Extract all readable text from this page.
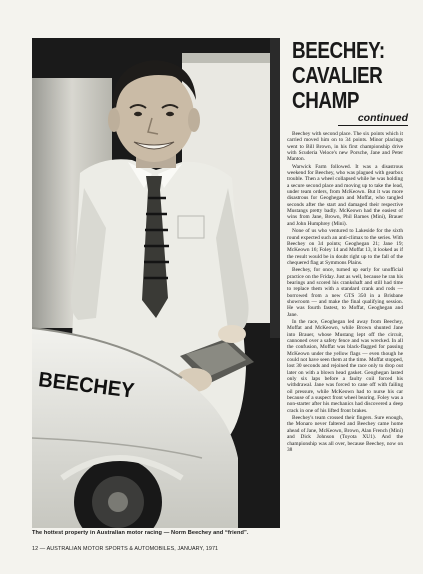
BEECHEY
The hottest property in Australian motor racing — Norm Beechey and “friend”.
BEECHEY:
CAVALIER
CHAMP
continued

Beechey with second place. The six points which it carried moved him on to 34 points. Minor placings went to Bill Brown, in his first championship drive with Scuderia Veloce's new Porsche, Jane and Peter Manton.

Warwick Farm followed. It was a disastrous weekend for Beechey, who was plagued with gearbox trouble. Then a wheel collapsed while he was holding a secure second place and moving up to take the lead, under team orders, from McKeown. But it was more disastrous for Geoghegan and Moffat, who tangled seconds after the start and damaged their respective Mustangs pretty badly. McKeown had the easiest of wins from Jane, Brown, Phil Barnes (Mini), Brauer and John Humphrey (Mini).

None of us who ventured to Lakeside for the sixth round expected such an anti-climax to the series. With Beechey on 34 points; Geoghegan 21; Jane 19; McKeown 16; Foley 14 and Moffat 13, it looked as if the result would be in doubt right up to the fall of the chequered flag at Symmons Plains.

Beechey, for once, turned up early for unofficial practice on the Friday. Just as well, because he ran his bearings and scored his crankshaft and still had time to replace them with a standard crank and rods — borrowed from a new GTS 350 in a Brisbane showroom — and make the final qualifying session. He was fourth fastest, to Moffat, Geoghegan and Jane.

In the race, Geoghegan led away from Beechey, Moffat and McKeown, while Brown shunted Jane into Brauer, whose Mustang lept off the circuit, cannoned over a safety fence and was wrecked. In all the confusion, Moffat was black-flagged for passing McKeown under the yellow flags — even though he could not have seen them at the time. Moffat stopped, lost 30 seconds and rejoined the race only to drop out later on with a blown head gasket. Geoghegan lasted only six laps before a faulty coil forced his withdrawal. Jane was forced to cane off with failing oil pressure, while McKeown had to nurse his car because of a suspect front wheel bearing. Foley was a non-starter after his mechanics had discovered a deep crack in one of his lifted front brakes.

Beechey's team crossed their fingers. Sure enough, the Monaro never faltered and Beechey came home ahead of Jane, McKeown, Brown, Alan French (Mini) and Dick Johnson (Toyota XU1). And the championship was all over, because Beechey, now on 38

12 — AUSTRALIAN MOTOR SPORTS & AUTOMOBILES, JANUARY, 1971
